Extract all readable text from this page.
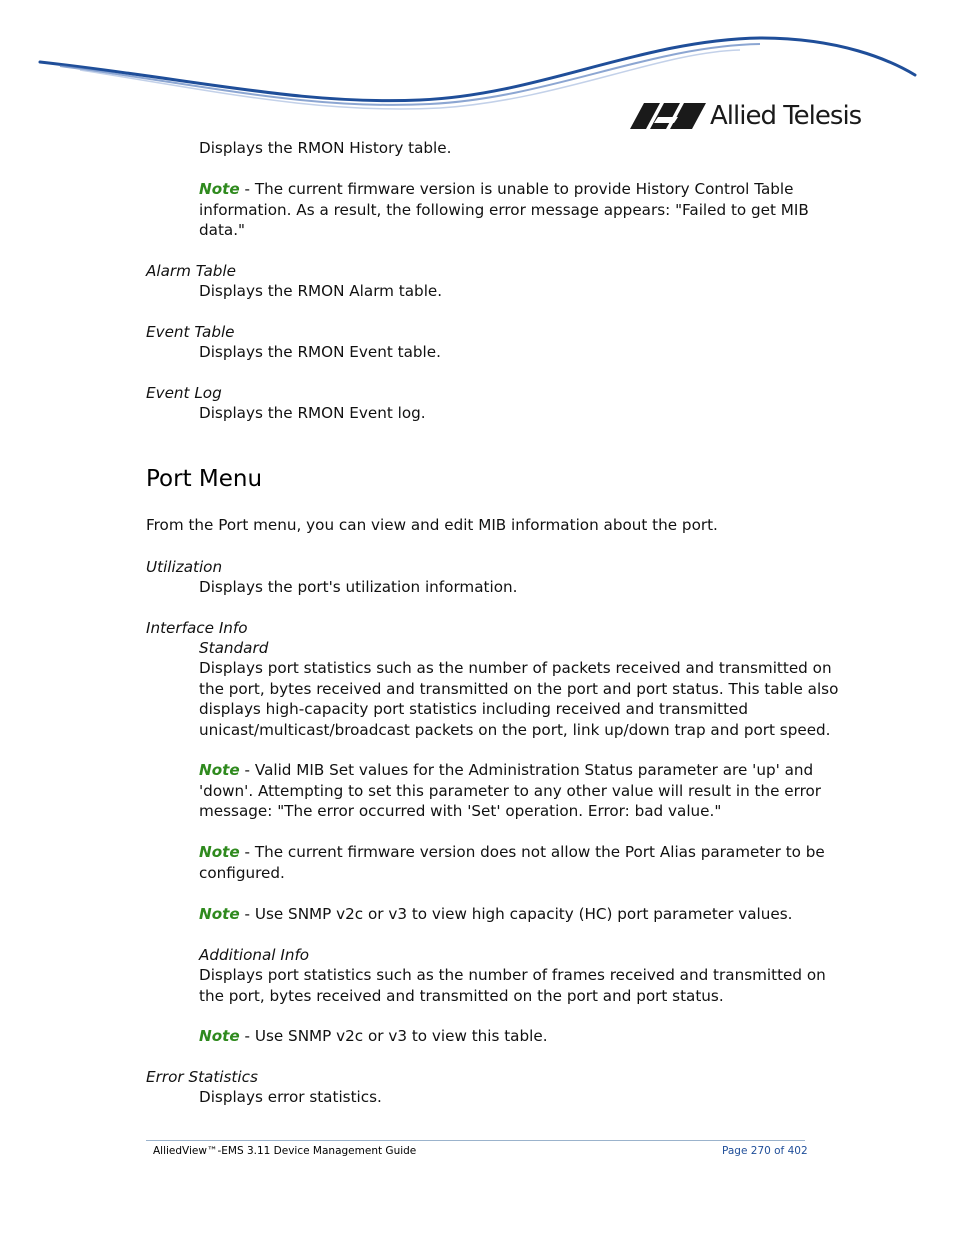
Allied Telesis
Displays the RMON History table.
Note - The current firmware version is unable to provide History Control Table
information. As a result, the following error message appears: "Failed to get MIB
data."
Alarm Table
Displays the RMON Alarm table.
Event Table
Displays the RMON Event table.
Event Log
Displays the RMON Event log.
Port Menu
From the Port menu, you can view and edit MIB information about the port.
Utilization
Displays the port's utilization information.
Interface Info
Standard
Displays port statistics such as the number of packets received and transmitted on
the port, bytes received and transmitted on the port and port status. This table also
displays high-capacity port statistics including received and transmitted
unicast/multicast/broadcast packets on the port, link up/down trap and port speed.
Note - Valid MIB Set values for the Administration Status parameter are 'up' and
'down'. Attempting to set this parameter to any other value will result in the error
message: "The error occurred with 'Set' operation. Error: bad value."
Note - The current firmware version does not allow the Port Alias parameter to be
configured.
Note - Use SNMP v2c or v3 to view high capacity (HC) port parameter values.
Additional Info
Displays port statistics such as the number of frames received and transmitted on
the port, bytes received and transmitted on the port and port status.
Note - Use SNMP v2c or v3 to view this table.
Error Statistics
Displays error statistics.
AlliedView™-EMS 3.11 Device Management Guide	Page 270 of 402
